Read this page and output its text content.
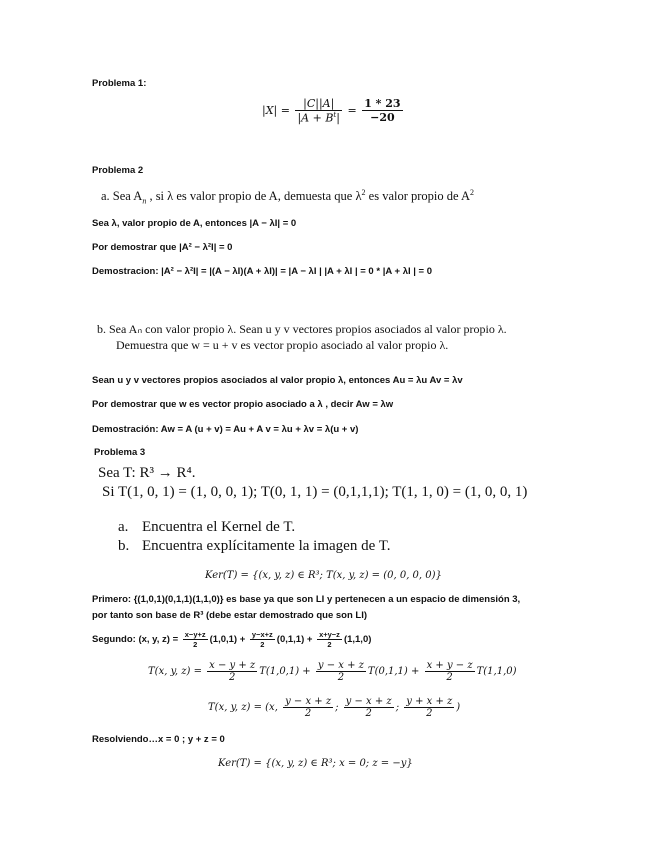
Problema 1:
$|X| = \frac{|C||A|}{|A + B^t|} = \frac{1 * 23}{-20}$
Problema 2
a. Sea $A_n$ , si λ es valor propio de A, demuesta que $\lambda^2$ es valor propio de $A^2$
Sea λ, valor propio de A, entonces |A − λI| = 0
Por demostrar que |A² − λ²I| = 0
Demostracion: |A² − λ²I| = |(A − λI)(A + λI)| = |A − λI | |A + λI | = 0 * |A + λI | = 0
b. Sea Aₙ con valor propio λ. Sean u y v vectores propios asociados al valor propio λ.
Demuestra que w = u + v es vector propio asociado al valor propio λ.
Sean u y v vectores propios asociados al valor propio λ, entonces Au = λu Av = λv
Por demostrar que w es vector propio asociado a λ , decir Aw = λw
Demostración: Aw = A (u + v) = Au + A v = λu + λv = λ(u + v)
Problema 3
Sea T: R³ → R⁴.
Si T(1, 0, 1) = (1, 0, 0, 1); T(0, 1, 1) = (0,1,1,1); T(1, 1, 0) = (1, 0, 0, 1)
a. Encuentra el Kernel de T.
b. Encuentra explícitamente la imagen de T.
Ker(T) = {(x, y, z) ∈ R³; T(x, y, z) = (0, 0, 0, 0)}
Primero: {(1,0,1)(0,1,1)(1,1,0)} es base ya que son LI y pertenecen a un espacio de dimensión 3,
por tanto son base de R³ (debe estar demostrado que son LI)
Segundo: (x, y, $z) = \frac{x-y+z}{2} (1,0,1) + \frac{y-x+z}{2} (0,1,1) + \frac{x+y-z}{2} (1,1,0)$
T(x, y, $z) = \frac{x - y + z}{2} T(1,0,1) + \frac{y - x + z}{2} T(0,1,1) + \frac{x + y - z}{2} T(1,1,0)$
T(x, y, z) = (x, $\frac{y - x + z}{2}$ ; $\frac{y - x + z}{2}$ ; $\frac{y + x + z}{2}$ )
Resolviendo…x = 0 ; y + z = 0
Ker(T) = {(x, y, z) ∈ R³; x = 0; z = −y}
